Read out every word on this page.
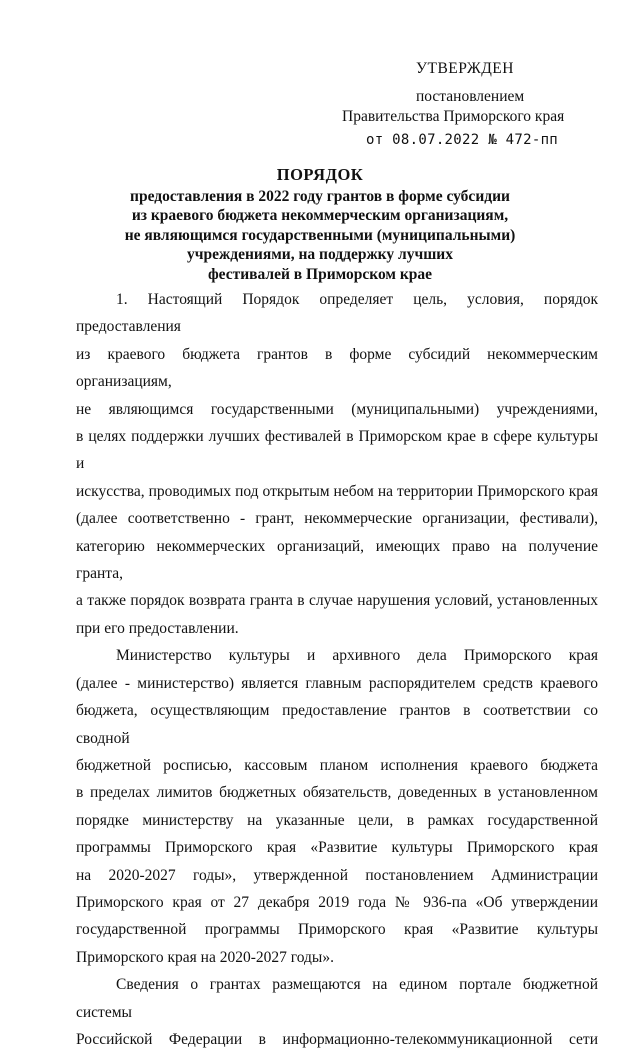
УТВЕРЖДЕН
постановлением
Правительства Приморского края
от 08.07.2022 № 472-пп
ПОРЯДОК
предоставления в 2022 году грантов в форме субсидии
из краевого бюджета некоммерческим организациям,
не являющимся государственными (муниципальными)
учреждениями, на поддержку лучших
фестивалей в Приморском крае

1. Настоящий Порядок определяет цель, условия, порядок предоставления

из краевого бюджета грантов в форме субсидий некоммерческим организациям,

не являющимся государственными (муниципальными) учреждениями,

в целях поддержки лучших фестивалей в Приморском крае в сфере культуры и

искусства, проводимых под открытым небом на территории Приморского края

(далее соответственно - грант, некоммерческие организации, фестивали),

категорию некоммерческих организаций, имеющих право на получение гранта,

а также порядок возврата гранта в случае нарушения условий, установленных

при его предоставлении.

Министерство культуры и архивного дела Приморского края

(далее - министерство) является главным распорядителем средств краевого

бюджета, осуществляющим предоставление грантов в соответствии со сводной

бюджетной росписью, кассовым планом исполнения краевого бюджета

в пределах лимитов бюджетных обязательств, доведенных в установленном

порядке министерству на указанные цели, в рамках государственной

программы Приморского края «Развитие культуры Приморского края

на 2020-2027 годы», утвержденной постановлением Администрации

Приморского края от 27 декабря 2019 года № 936-па «Об утверждении

государственной программы Приморского края «Развитие культуры

Приморского края на 2020-2027 годы».

Сведения о грантах размещаются на едином портале бюджетной системы

Российской Федерации в информационно-телекоммуникационной сети
